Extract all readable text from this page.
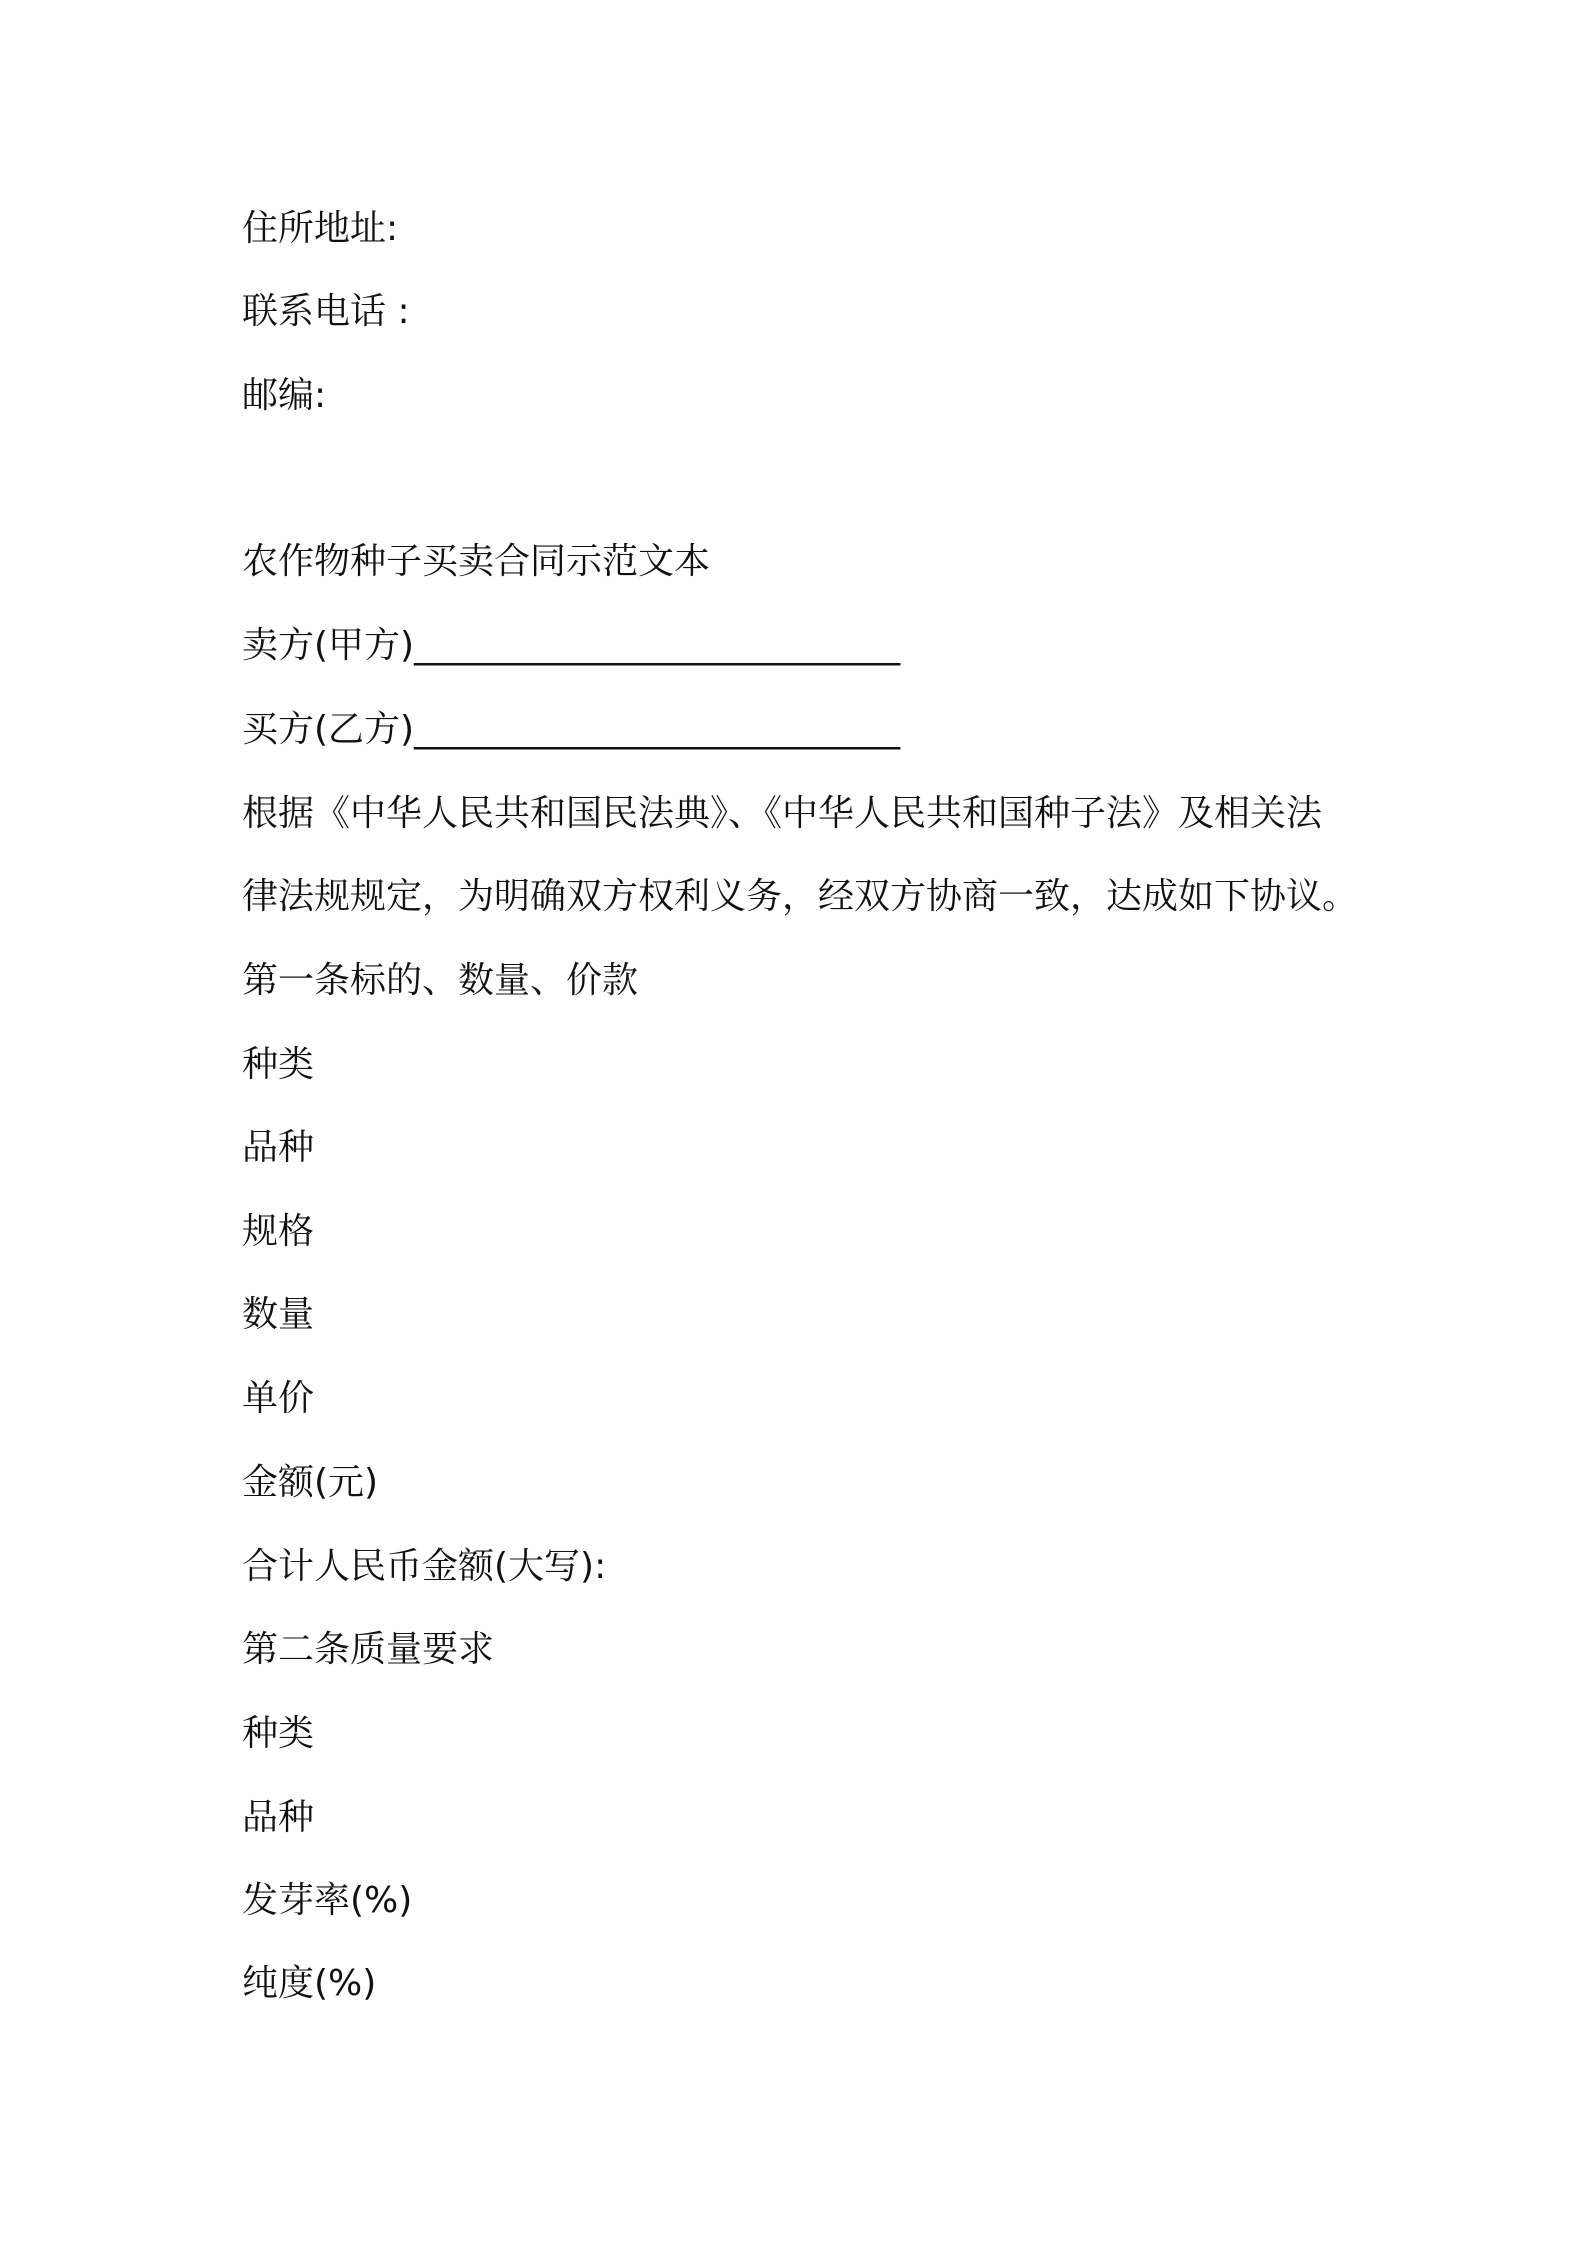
住所地址:
联系电话 :
邮编:
农作物种子买卖合同示范文本
卖方(甲方)___________________________
买方(乙方)___________________________
根据《中华人民共和国民法典》、《中华人民共和国种子法》及相关法
律法规规定，为明确双方权利义务，经双方协商一致，达成如下协议。
第一条标的、数量、价款
种类
品种
规格
数量
单价
金额(元)
合计人民币金额(大写):
第二条质量要求
种类
品种
发芽率(%)
纯度(%)
